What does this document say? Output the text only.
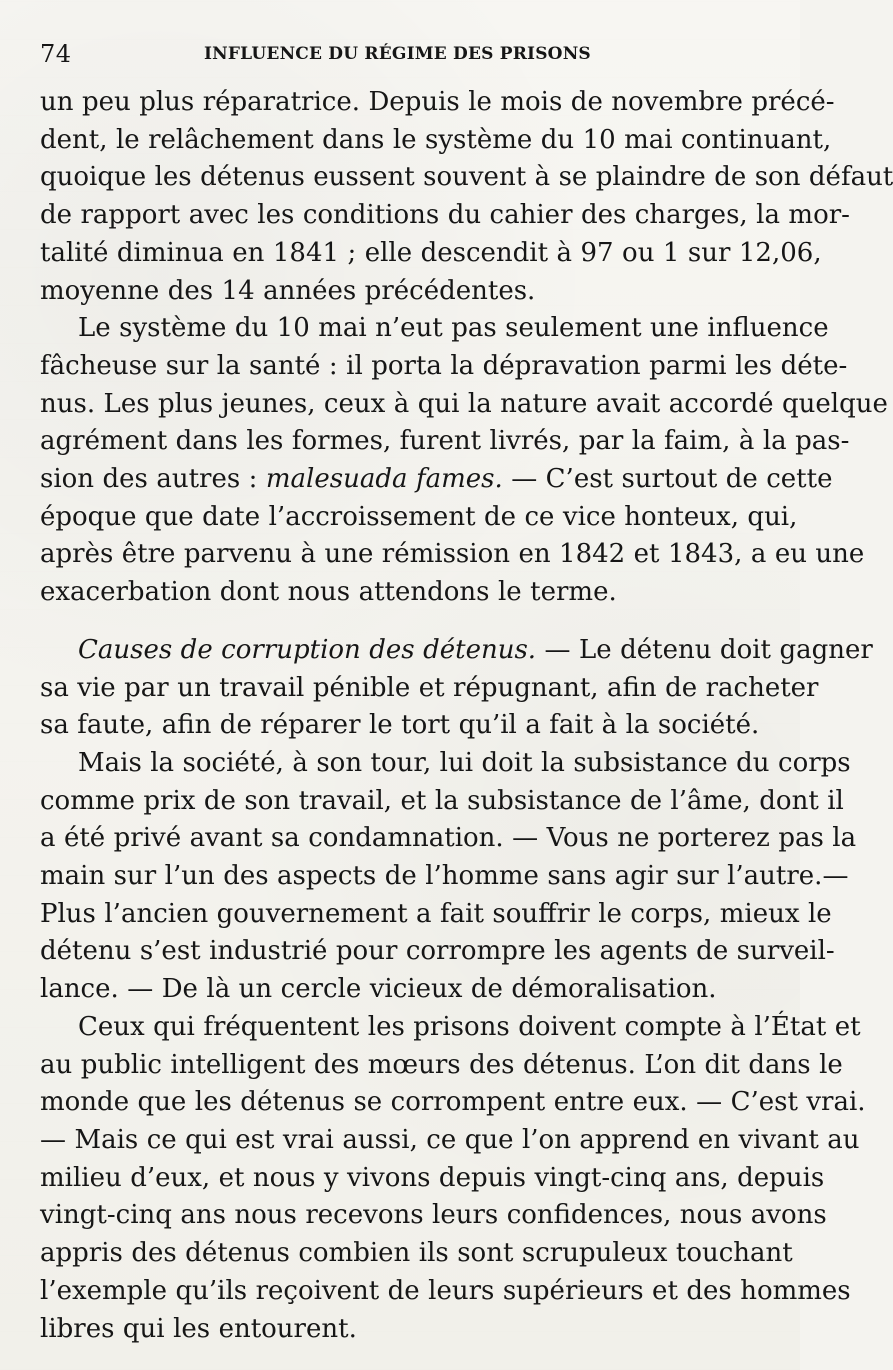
74	INFLUENCE DU RÉGIME DES PRISONS
un peu plus réparatrice. Depuis le mois de novembre précé-
dent, le relâchement dans le système du 10 mai continuant,
quoique les détenus eussent souvent à se plaindre de son défaut
de rapport avec les conditions du cahier des charges, la mor-
talité diminua en 1841 ; elle descendit à 97 ou 1 sur 12,06,
moyenne des 14 années précédentes.
Le système du 10 mai n’eut pas seulement une influence
fâcheuse sur la santé : il porta la dépravation parmi les déte-
nus. Les plus jeunes, ceux à qui la nature avait accordé quelque
agrément dans les formes, furent livrés, par la faim, à la pas-
sion des autres : malesuada fames. — C’est surtout de cette
époque que date l’accroissement de ce vice honteux, qui,
après être parvenu à une rémission en 1842 et 1843, a eu une
exacerbation dont nous attendons le terme.
Causes de corruption des détenus. — Le détenu doit gagner
sa vie par un travail pénible et répugnant, afin de racheter
sa faute, afin de réparer le tort qu’il a fait à la société.
Mais la société, à son tour, lui doit la subsistance du corps
comme prix de son travail, et la subsistance de l’âme, dont il
a été privé avant sa condamnation. — Vous ne porterez pas la
main sur l’un des aspects de l’homme sans agir sur l’autre.—
Plus l’ancien gouvernement a fait souffrir le corps, mieux le
détenu s’est industrié pour corrompre les agents de surveil-
lance. — De là un cercle vicieux de démoralisation.
Ceux qui fréquentent les prisons doivent compte à l’État et
au public intelligent des mœurs des détenus. L’on dit dans le
monde que les détenus se corrompent entre eux. — C’est vrai.
— Mais ce qui est vrai aussi, ce que l’on apprend en vivant au
milieu d’eux, et nous y vivons depuis vingt-cinq ans, depuis
vingt-cinq ans nous recevons leurs confidences, nous avons
appris des détenus combien ils sont scrupuleux touchant
l’exemple qu’ils reçoivent de leurs supérieurs et des hommes
libres qui les entourent.
